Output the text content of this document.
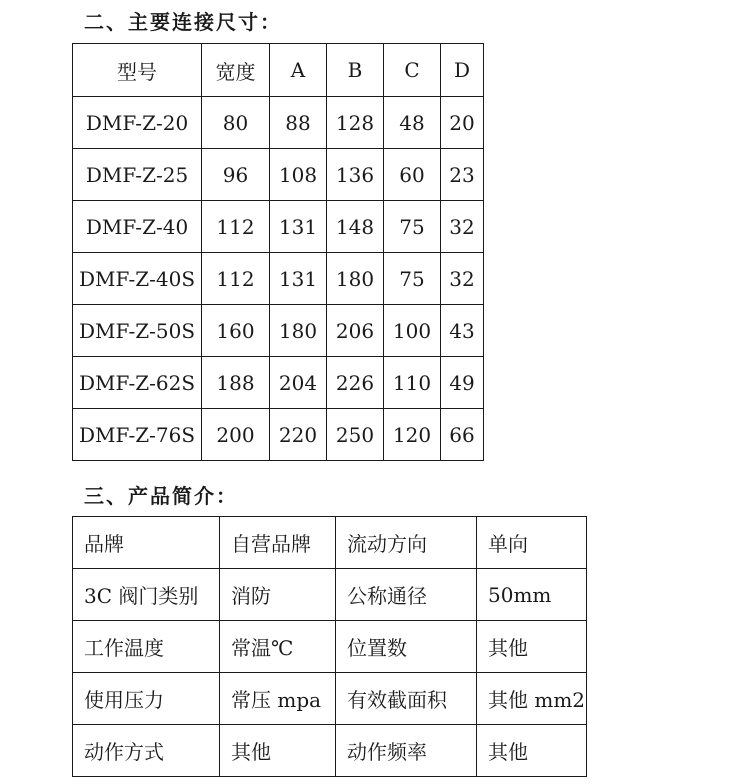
二、主要连接尺寸：
型号	宽度	A	B	C	D
DMF-Z-20	80	88	128	48	20
DMF-Z-25	96	108	136	60	23
DMF-Z-40	112	131	148	75	32
DMF-Z-40S	112	131	180	75	32
DMF-Z-50S	160	180	206	100	43
DMF-Z-62S	188	204	226	110	49
DMF-Z-76S	200	220	250	120	66
三、产品简介：
品牌	自营品牌	流动方向	单向
3C 阀门类别	消防	公称通径	50mm
工作温度	常温℃	位置数	其他
使用压力	常压 mpa	有效截面积	其他 mm2
动作方式	其他	动作频率	其他
